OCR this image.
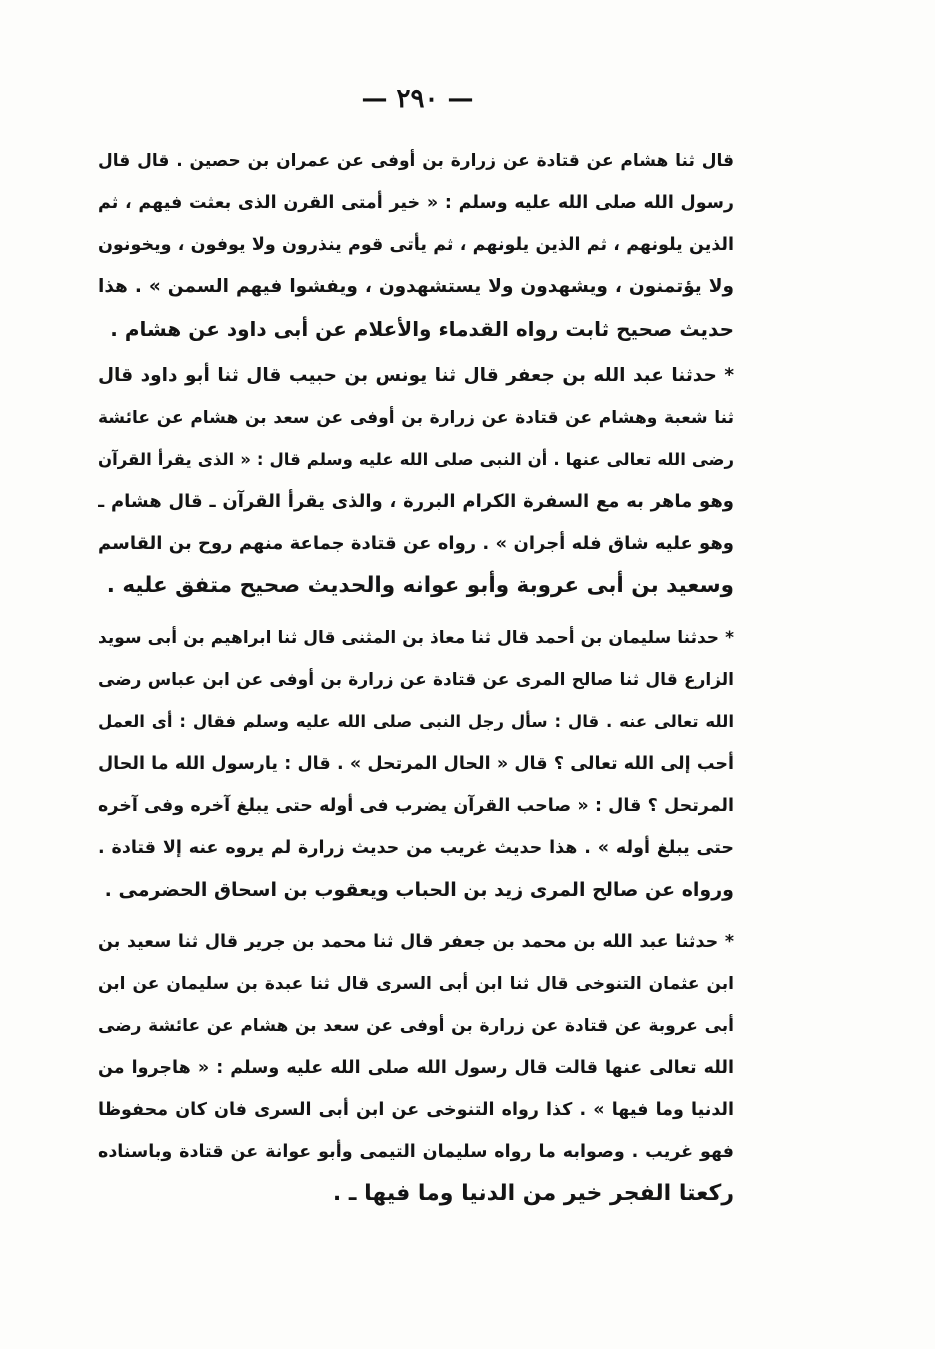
— ٢٩٠ —

قال ثنا هشام عن قتادة عن زرارة بن أوفى عن عمران بن حصين . قال قال
رسول الله صلى الله عليه وسلم : « خير أمتى القرن الذى بعثت فيهم ، ثم
الذين يلونهم ، ثم الذين يلونهم ، ثم يأتى قوم ينذرون ولا يوفون ، ويخونون
ولا يؤتمنون ، ويشهدون ولا يستشهدون ، ويفشوا فيهم السمن » . هذا
حديث صحيح ثابت رواه القدماء والأعلام عن أبى داود عن هشام .

* حدثنا عبد الله بن جعفر قال ثنا يونس بن حبيب قال ثنا أبو داود قال
ثنا شعبة وهشام عن قتادة عن زرارة بن أوفى عن سعد بن هشام عن عائشة
رضى الله تعالى عنها . أن النبى صلى الله عليه وسلم قال : « الذى يقرأ القرآن
وهو ماهر به مع السفرة الكرام البررة ، والذى يقرأ القرآن ـ قال هشام ـ
وهو عليه شاق فله أجران » . رواه عن قتادة جماعة منهم روح بن القاسم
وسعيد بن أبى عروبة وأبو عوانه والحديث صحيح متفق عليه .

* حدثنا سليمان بن أحمد قال ثنا معاذ بن المثنى قال ثنا ابراهيم بن أبى سويد
الزارع قال ثنا صالح المرى عن قتادة عن زرارة بن أوفى عن ابن عباس رضى
الله تعالى عنه . قال : سأل رجل النبى صلى الله عليه وسلم فقال : أى العمل
أحب إلى الله تعالى ؟ قال « الحال المرتحل » . قال : يارسول الله ما الحال
المرتحل ؟ قال : « صاحب القرآن يضرب فى أوله حتى يبلغ آخره وفى آخره
حتى يبلغ أوله » . هذا حديث غريب من حديث زرارة لم يروه عنه إلا قتادة .
ورواه عن صالح المرى زيد بن الحباب ويعقوب بن اسحاق الحضرمى .

* حدثنا عبد الله بن محمد بن جعفر قال ثنا محمد بن جرير قال ثنا سعيد بن
ابن عثمان التنوخى قال ثنا ابن أبى السرى قال ثنا عبدة بن سليمان عن ابن
أبى عروبة عن قتادة عن زرارة بن أوفى عن سعد بن هشام عن عائشة رضى
الله تعالى عنها قالت قال رسول الله صلى الله عليه وسلم : « هاجروا من
الدنيا وما فيها » . كذا رواه التنوخى عن ابن أبى السرى فان كان محفوظا
فهو غريب . وصوابه ما رواه سليمان التيمى وأبو عوانة عن قتادة وباسناده
ركعتا الفجر خير من الدنيا وما فيها ـ .
